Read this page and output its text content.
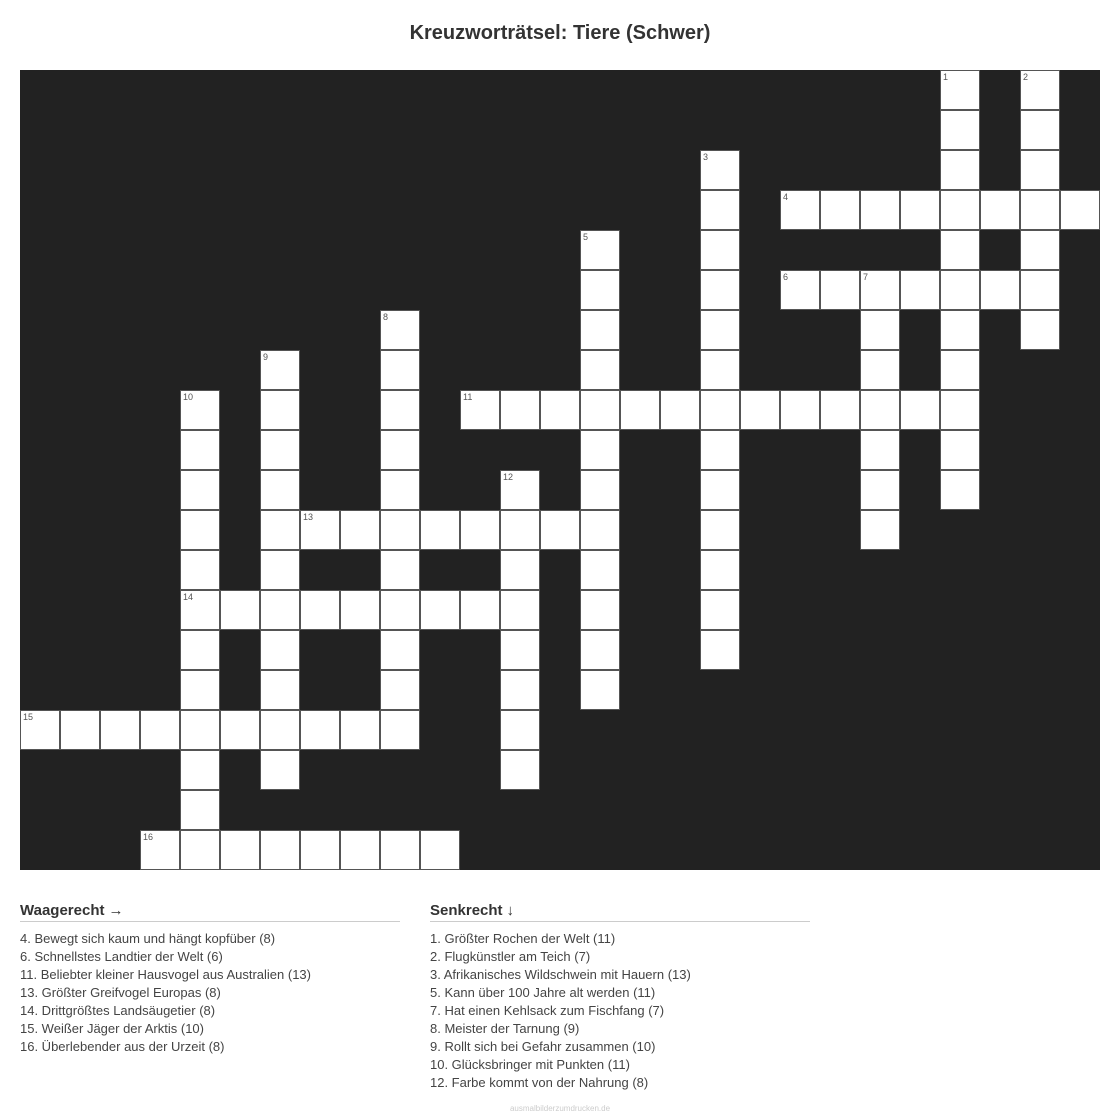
Kreuzworträtsel: Tiere (Schwer)
1	2
3
4
5
6	7
8
9
10
14
11
12
13
15
16
Waagerecht →
4. Bewegt sich kaum und hängt kopfüber (8)
6. Schnellstes Landtier der Welt (6)
11. Beliebter kleiner Hausvogel aus Australien (13)
13. Größter Greifvogel Europas (8)
14. Drittgrößtes Landsäugetier (8)
15. Weißer Jäger der Arktis (10)
16. Überlebender aus der Urzeit (8)
Senkrecht ↓
1. Größter Rochen der Welt (11)
2. Flugkünstler am Teich (7)
3. Afrikanisches Wildschwein mit Hauern (13)
5. Kann über 100 Jahre alt werden (11)
7. Hat einen Kehlsack zum Fischfang (7)
8. Meister der Tarnung (9)
9. Rollt sich bei Gefahr zusammen (10)
10. Glücksbringer mit Punkten (11)
12. Farbe kommt von der Nahrung (8)
ausmalbilderzumdrucken.de
